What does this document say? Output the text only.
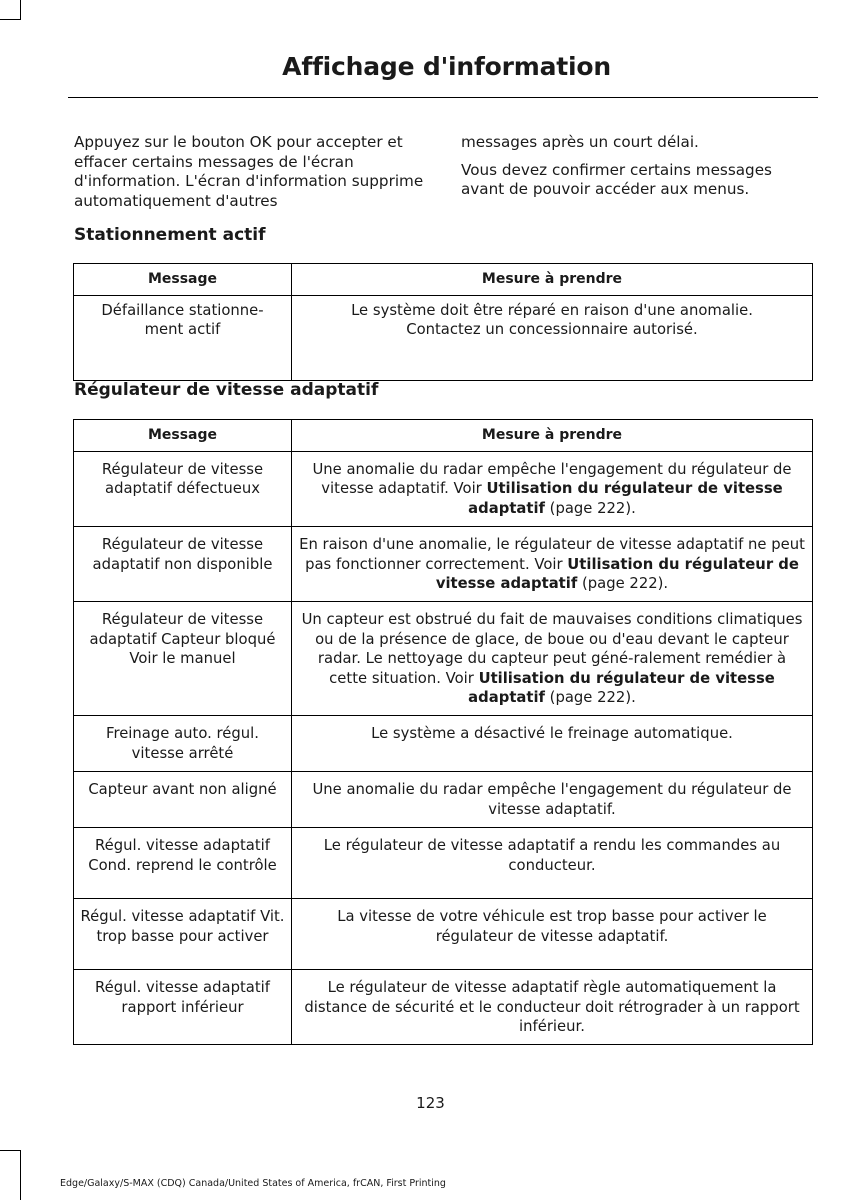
Affichage d'information

Appuyez sur le bouton OK pour accepter et effacer certains messages de l'écran d'information. L'écran d'information supprime automatiquement d'autres

messages après un court délai.

Vous devez confirmer certains messages avant de pouvoir accéder aux menus.

Stationnement actif
Message	Mesure à prendre
Défaillance stationne-
ment actif	Le système doit être réparé en raison d'une anomalie. Contactez un concessionnaire autorisé.
Régulateur de vitesse adaptatif
Message	Mesure à prendre
Régulateur de vitesse adaptatif défectueux	Une anomalie du radar empêche l'engagement du régulateur de vitesse adaptatif. Voir Utilisation du régulateur de vitesse adaptatif (page 222).
Régulateur de vitesse adaptatif non disponible	En raison d'une anomalie, le régulateur de vitesse adaptatif ne peut pas fonctionner correctement. Voir Utilisation du régulateur de vitesse adaptatif (page 222).
Régulateur de vitesse adaptatif Capteur bloqué Voir le manuel	Un capteur est obstrué du fait de mauvaises conditions climatiques ou de la présence de glace, de boue ou d'eau devant le capteur radar. Le nettoyage du capteur peut géné-ralement remédier à cette situation. Voir Utilisation du régulateur de vitesse adaptatif (page 222).
Freinage auto. régul. vitesse arrêté	Le système a désactivé le freinage automatique.
Capteur avant non aligné	Une anomalie du radar empêche l'engagement du régulateur de vitesse adaptatif.
Régul. vitesse adaptatif Cond. reprend le contrôle	Le régulateur de vitesse adaptatif a rendu les commandes au conducteur.
Régul. vitesse adaptatif Vit. trop basse pour activer	La vitesse de votre véhicule est trop basse pour activer le régulateur de vitesse adaptatif.
Régul. vitesse adaptatif rapport inférieur	Le régulateur de vitesse adaptatif règle automatiquement la distance de sécurité et le conducteur doit rétrograder à un rapport inférieur.
123
Edge/Galaxy/S-MAX (CDQ) Canada/United States of America, frCAN, First Printing
